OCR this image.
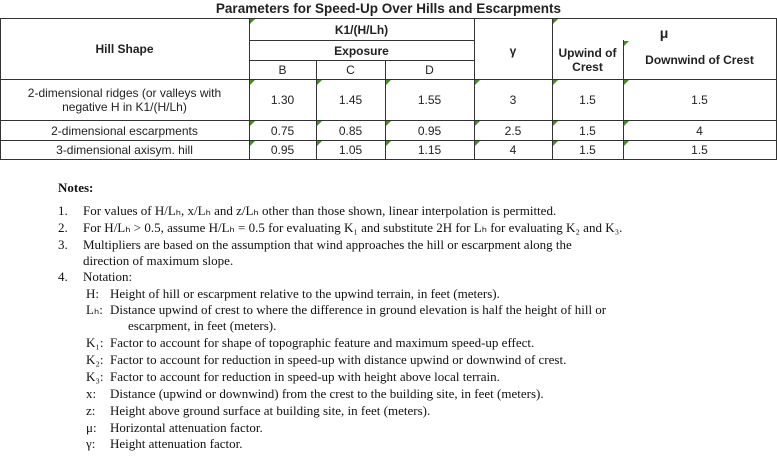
Parameters for Speed-Up Over Hills and Escarpments
Hill Shape
K1/(H/Lh)
Exposure
B	C	D
γ
μ
Upwind of Crest	Downwind of Crest
2-dimensional ridges (or valleys with negative H in K1/(H/Lh)	1.30	1.45	1.55	3	1.5	1.5
2-dimensional escarpments	0.75	0.85	0.95	2.5	1.5	4
3-dimensional axisym. hill	0.95	1.05	1.15	4	1.5	1.5
Notes:
1. For values of H/Lₕ, x/Lₕ and z/Lₕ other than those shown, linear interpolation is permitted.
2. For H/Lₕ > 0.5, assume H/Lₕ = 0.5 for evaluating K₁ and substitute 2H for Lₕ for evaluating K₂ and K₃.
3. Multipliers are based on the assumption that wind approaches the hill or escarpment along the
direction of maximum slope.
4. Notation:
H: Height of hill or escarpment relative to the upwind terrain, in feet (meters).
Lₕ: Distance upwind of crest to where the difference in ground elevation is half the height of hill or
escarpment, in feet (meters).
K₁: Factor to account for shape of topographic feature and maximum speed-up effect.
K₂: Factor to account for reduction in speed-up with distance upwind or downwind of crest.
K₃: Factor to account for reduction in speed-up with height above local terrain.
x: Distance (upwind or downwind) from the crest to the building site, in feet (meters).
z: Height above ground surface at building site, in feet (meters).
μ: Horizontal attenuation factor.
γ: Height attenuation factor.
